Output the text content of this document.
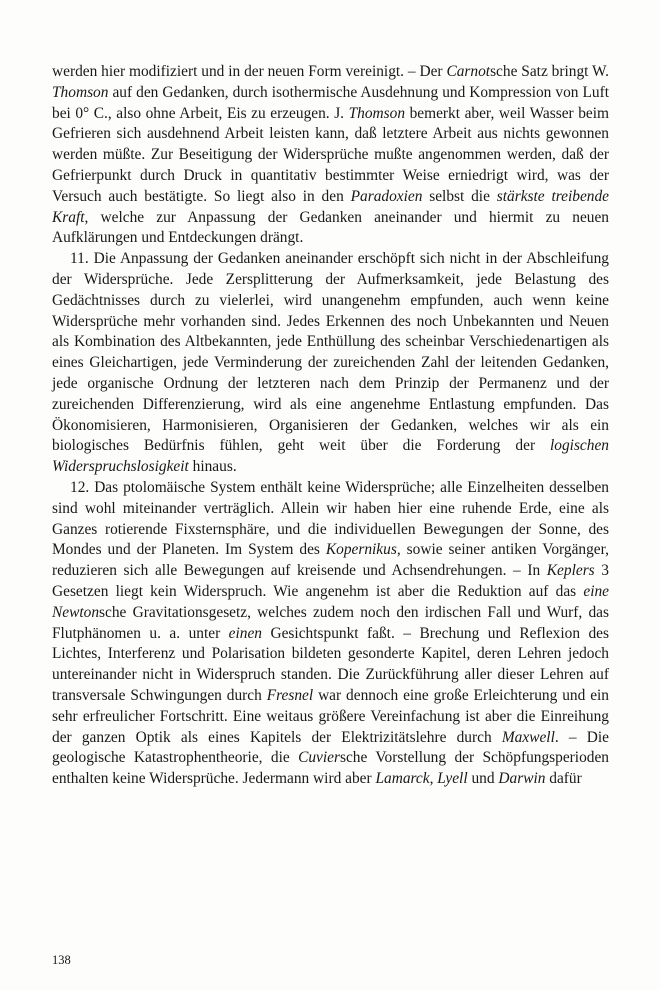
werden hier modifiziert und in der neuen Form vereinigt. – Der Carnotsche Satz bringt W. Thomson auf den Gedanken, durch isothermische Ausdehnung und Kompression von Luft bei 0° C., also ohne Arbeit, Eis zu erzeugen. J. Thomson bemerkt aber, weil Wasser beim Gefrieren sich ausdehnend Arbeit leisten kann, daß letztere Arbeit aus nichts gewonnen werden müßte. Zur Beseitigung der Widersprüche mußte angenommen werden, daß der Gefrierpunkt durch Druck in quantitativ bestimmter Weise erniedrigt wird, was der Versuch auch bestätigte. So liegt also in den Paradoxien selbst die stärkste treibende Kraft, welche zur Anpassung der Gedanken aneinander und hiermit zu neuen Aufklärungen und Entdeckungen drängt.

11. Die Anpassung der Gedanken aneinander erschöpft sich nicht in der Abschleifung der Widersprüche. Jede Zersplitterung der Aufmerksamkeit, jede Belastung des Gedächtnisses durch zu vielerlei, wird unangenehm empfunden, auch wenn keine Widersprüche mehr vorhanden sind. Jedes Erkennen des noch Unbekannten und Neuen als Kombination des Altbekannten, jede Enthüllung des scheinbar Verschiedenartigen als eines Gleichartigen, jede Verminderung der zureichenden Zahl der leitenden Gedanken, jede organische Ordnung der letzteren nach dem Prinzip der Permanenz und der zureichenden Differenzierung, wird als eine angenehme Entlastung empfunden. Das Ökonomisieren, Harmonisieren, Organisieren der Gedanken, welches wir als ein biologisches Bedürfnis fühlen, geht weit über die Forderung der logischen Widerspruchslosigkeit hinaus.

12. Das ptolomäische System enthält keine Widersprüche; alle Einzelheiten desselben sind wohl miteinander verträglich. Allein wir haben hier eine ruhende Erde, eine als Ganzes rotierende Fixsternsphäre, und die individuellen Bewegungen der Sonne, des Mondes und der Planeten. Im System des Kopernikus, sowie seiner antiken Vorgänger, reduzieren sich alle Bewegungen auf kreisende und Achsendrehungen. – In Keplers 3 Gesetzen liegt kein Widerspruch. Wie angenehm ist aber die Reduktion auf das eine Newtonsche Gravitationsgesetz, welches zudem noch den irdischen Fall und Wurf, das Flutphänomen u. a. unter einen Gesichtspunkt faßt. – Brechung und Reflexion des Lichtes, Interferenz und Polarisation bildeten gesonderte Kapitel, deren Lehren jedoch untereinander nicht in Widerspruch standen. Die Zurückführung aller dieser Lehren auf transversale Schwingungen durch Fresnel war dennoch eine große Erleichterung und ein sehr erfreulicher Fortschritt. Eine weitaus größere Vereinfachung ist aber die Einreihung der ganzen Optik als eines Kapitels der Elektrizitätslehre durch Maxwell. – Die geologische Katastrophentheorie, die Cuviersche Vorstellung der Schöpfungsperioden enthalten keine Widersprüche. Jedermann wird aber Lamarck, Lyell und Darwin dafür

138
